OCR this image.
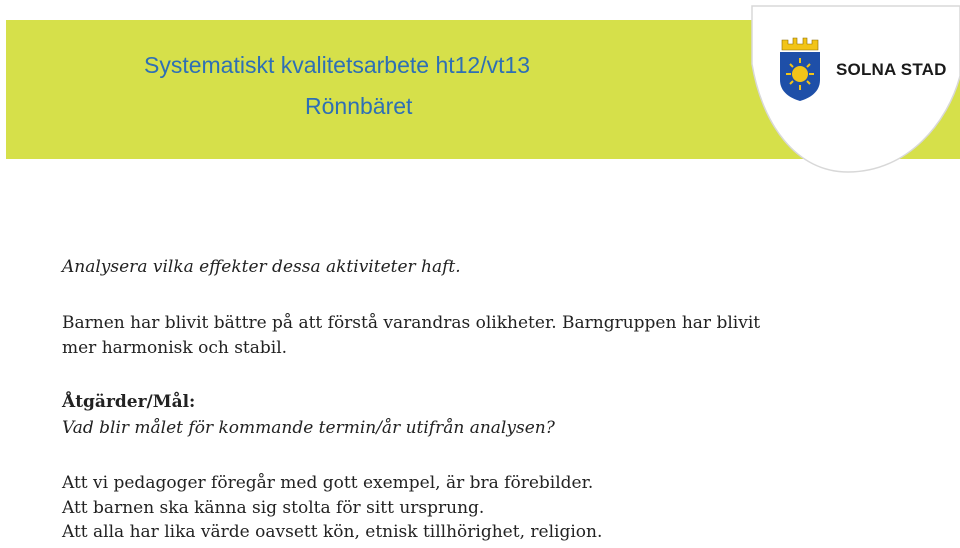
Systematiskt kvalitetsarbete ht12/vt13
Rönnbäret
SOLNA STAD
Analysera vilka effekter dessa aktiviteter haft.
Barnen har blivit bättre på att förstå varandras olikheter. Barngruppen har blivit
mer harmonisk och stabil.
Åtgärder/Mål:
Vad blir målet för kommande termin/år utifrån analysen?
Att vi pedagoger föregår med gott exempel, är bra förebilder.
Att barnen ska känna sig stolta för sitt ursprung.
Att alla har lika värde oavsett kön, etnisk tillhörighet, religion.
